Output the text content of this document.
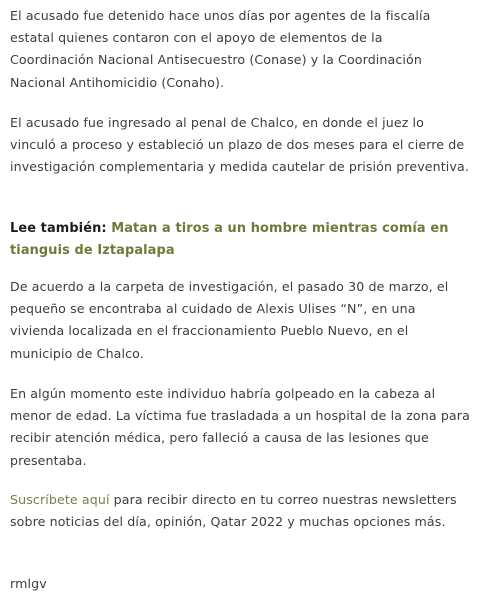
El acusado fue detenido hace unos días por agentes de la fiscalía estatal quienes contaron con el apoyo de elementos de la Coordinación Nacional Antisecuestro (Conase) y la Coordinación Nacional Antihomicidio (Conaho).

El acusado fue ingresado al penal de Chalco, en donde el juez lo vinculó a proceso y estableció un plazo de dos meses para el cierre de investigación complementaria y medida cautelar de prisión preventiva.

Lee también: Matan a tiros a un hombre mientras comía en tianguis de Iztapalapa

De acuerdo a la carpeta de investigación, el pasado 30 de marzo, el pequeño se encontraba al cuidado de Alexis Ulises “N”, en una vivienda localizada en el fraccionamiento Pueblo Nuevo, en el municipio de Chalco.

En algún momento este individuo habría golpeado en la cabeza al menor de edad. La víctima fue trasladada a un hospital de la zona para recibir atención médica, pero falleció a causa de las lesiones que presentaba.

Suscríbete aquí para recibir directo en tu correo nuestras newsletters sobre noticias del día, opinión, Qatar 2022 y muchas opciones más.

rmlgv
